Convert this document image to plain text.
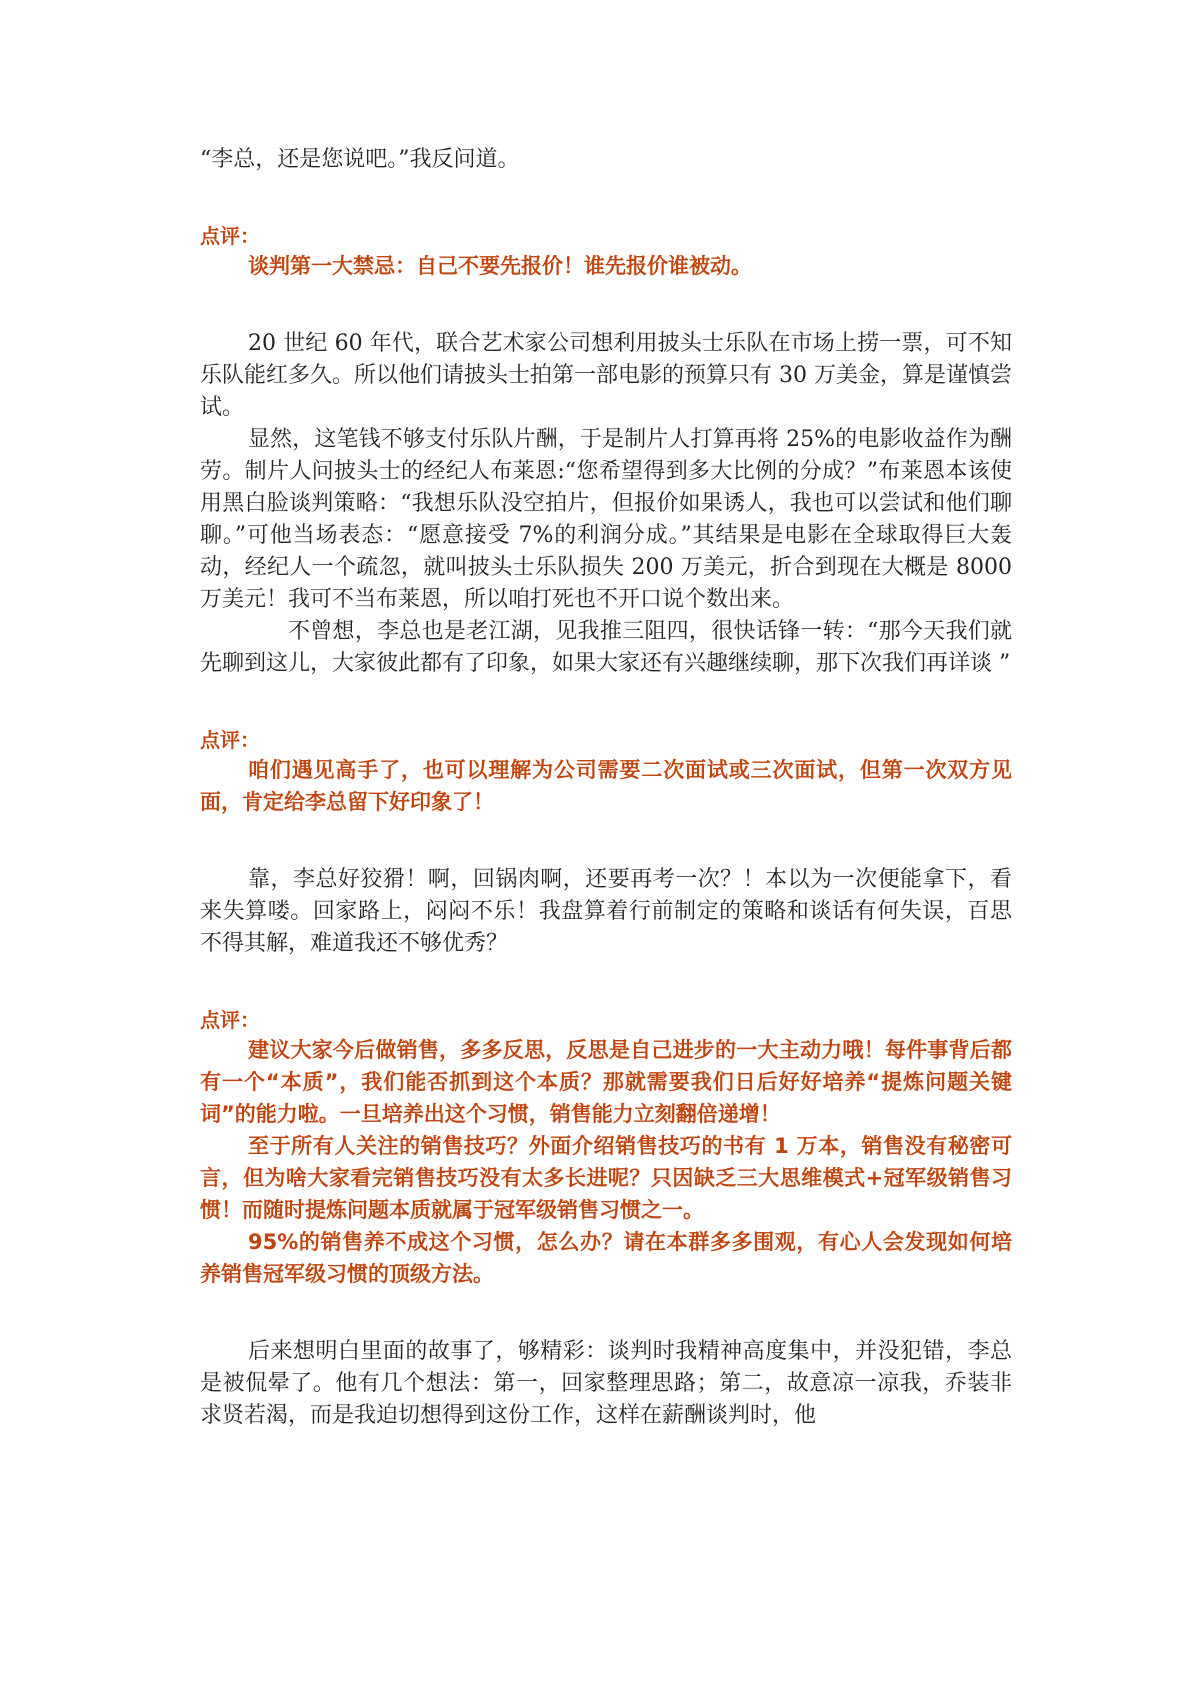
“李总，还是您说吧。”我反问道。

点评：

谈判第一大禁忌：自己不要先报价！谁先报价谁被动。

20 世纪 60 年代，联合艺术家公司想利用披头士乐队在市场上捞一票，可不知乐队能红多久。所以他们请披头士拍第一部电影的预算只有 30 万美金，算是谨慎尝试。

显然，这笔钱不够支付乐队片酬，于是制片人打算再将 25%的电影收益作为酬劳。制片人问披头士的经纪人布莱恩:“您希望得到多大比例的分成？”布莱恩本该使用黑白脸谈判策略：“我想乐队没空拍片，但报价如果诱人，我也可以尝试和他们聊聊。”可他当场表态：“愿意接受 7%的利润分成。”其结果是电影在全球取得巨大轰动，经纪人一个疏忽，就叫披头士乐队损失 200 万美元，折合到现在大概是 8000 万美元！我可不当布莱恩，所以咱打死也不开口说个数出来。

不曾想，李总也是老江湖，见我推三阻四，很快话锋一转：“那今天我们就先聊到这儿，大家彼此都有了印象，如果大家还有兴趣继续聊，那下次我们再详谈 ”

点评：

咱们遇见高手了，也可以理解为公司需要二次面试或三次面试，但第一次双方见面，肯定给李总留下好印象了！

靠，李总好狡猾！啊，回锅肉啊，还要再考一次？！本以为一次便能拿下，看来失算喽。回家路上，闷闷不乐！我盘算着行前制定的策略和谈话有何失误，百思不得其解，难道我还不够优秀？

点评：

建议大家今后做销售，多多反思，反思是自己进步的一大主动力哦！每件事背后都有一个“本质”，我们能否抓到这个本质？那就需要我们日后好好培养“提炼问题关键词”的能力啦。一旦培养出这个习惯，销售能力立刻翻倍递增！

至于所有人关注的销售技巧？外面介绍销售技巧的书有 1 万本，销售没有秘密可言，但为啥大家看完销售技巧没有太多长进呢？只因缺乏三大思维模式+冠军级销售习惯！而随时提炼问题本质就属于冠军级销售习惯之一。

95%的销售养不成这个习惯，怎么办？请在本群多多围观，有心人会发现如何培养销售冠军级习惯的顶级方法。

后来想明白里面的故事了，够精彩：谈判时我精神高度集中，并没犯错，李总是被侃晕了。他有几个想法：第一，回家整理思路；第二，故意凉一凉我，乔装非求贤若渴，而是我迫切想得到这份工作，这样在薪酬谈判时，他
